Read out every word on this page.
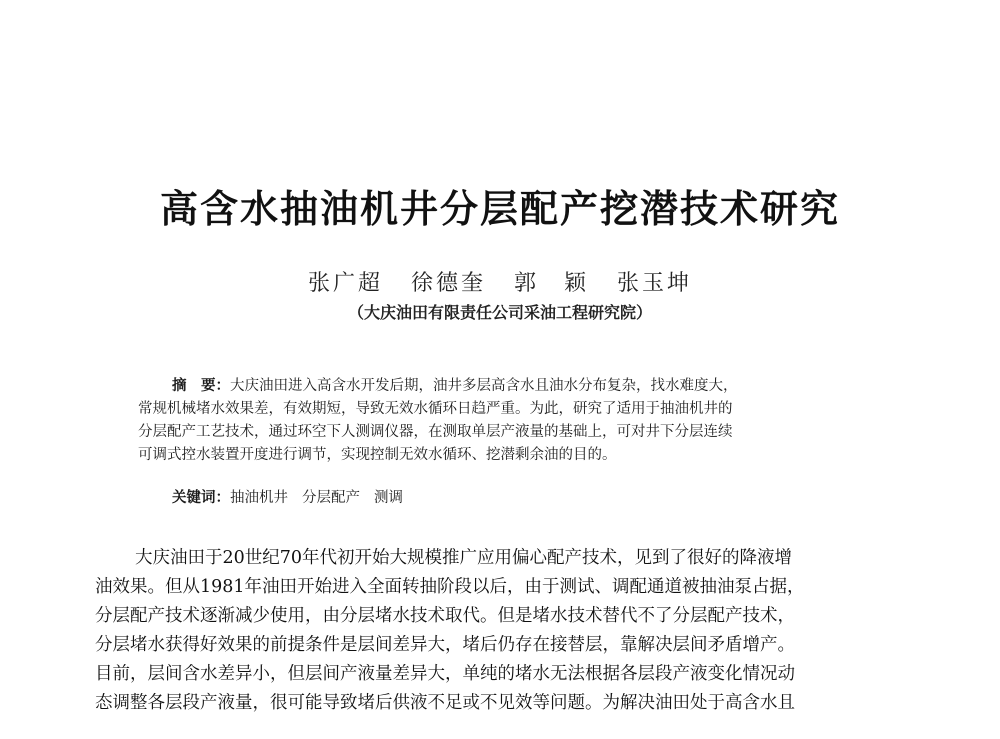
高含水抽油机井分层配产挖潜技术研究
张广超 徐德奎 郭　颖 张玉坤
（大庆油田有限责任公司采油工程研究院）
摘　要：大庆油田进入高含水开发后期，油井多层高含水且油水分布复杂，找水难度大，
常规机械堵水效果差，有效期短，导致无效水循环日趋严重。为此，研究了适用于抽油机井的
分层配产工艺技术，通过环空下人测调仪器，在测取单层产液量的基础上，可对井下分层连续
可调式控水装置开度进行调节，实现控制无效水循环、挖潜剩余油的目的。
关键词：抽油机井 分层配产 测调
大庆油田于20世纪70年代初开始大规模推广应用偏心配产技术，见到了很好的降液增
油效果。但从1981年油田开始进入全面转抽阶段以后，由于测试、调配通道被抽油泵占据，
分层配产技术逐渐减少使用，由分层堵水技术取代。但是堵水技术替代不了分层配产技术，
分层堵水获得好效果的前提条件是层间差异大，堵后仍存在接替层，靠解决层间矛盾增产。
目前，层间含水差异小，但层间产液量差异大，单纯的堵水无法根据各层段产液变化情况动
态调整各层段产液量，很可能导致堵后供液不足或不见效等问题。为解决油田处于高含水且
